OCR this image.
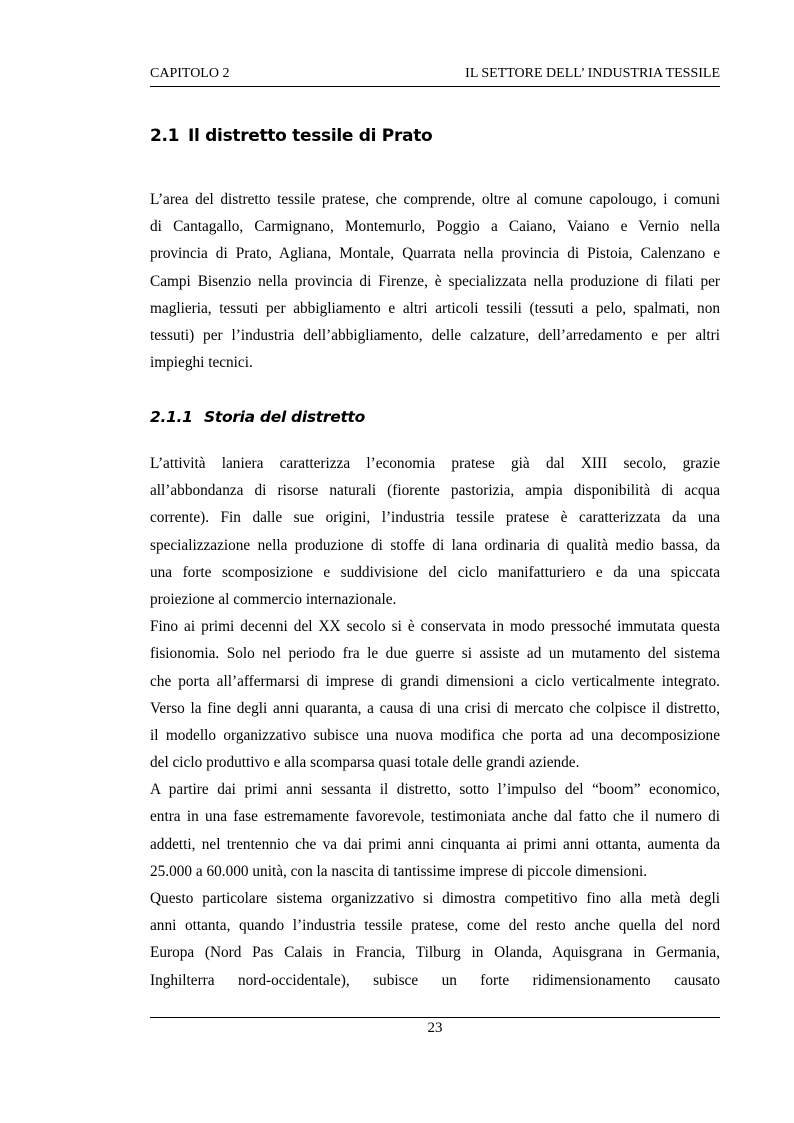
CAPITOLO 2	IL SETTORE DELL’ INDUSTRIA TESSILE
2.1 Il distretto tessile di Prato
L’area del distretto tessile pratese, che comprende, oltre al comune capolougo, i comuni
di Cantagallo, Carmignano, Montemurlo, Poggio a Caiano, Vaiano e Vernio nella
provincia di Prato, Agliana, Montale, Quarrata nella provincia di Pistoia, Calenzano e
Campi Bisenzio nella provincia di Firenze, è specializzata nella produzione di filati per
maglieria, tessuti per abbigliamento e altri articoli tessili (tessuti a pelo, spalmati, non
tessuti) per l’industria dell’abbigliamento, delle calzature, dell’arredamento e per altri
impieghi tecnici.
2.1.1 Storia del distretto
L’attività laniera caratterizza l’economia pratese già dal XIII secolo, grazie
all’abbondanza di risorse naturali (fiorente pastorizia, ampia disponibilità di acqua
corrente). Fin dalle sue origini, l’industria tessile pratese è caratterizzata da una
specializzazione nella produzione di stoffe di lana ordinaria di qualità medio bassa, da
una forte scomposizione e suddivisione del ciclo manifatturiero e da una spiccata
proiezione al commercio internazionale.
Fino ai primi decenni del XX secolo si è conservata in modo pressoché immutata questa
fisionomia. Solo nel periodo fra le due guerre si assiste ad un mutamento del sistema
che porta all’affermarsi di imprese di grandi dimensioni a ciclo verticalmente integrato.
Verso la fine degli anni quaranta, a causa di una crisi di mercato che colpisce il distretto,
il modello organizzativo subisce una nuova modifica che porta ad una decomposizione
del ciclo produttivo e alla scomparsa quasi totale delle grandi aziende.
A partire dai primi anni sessanta il distretto, sotto l’impulso del “boom” economico,
entra in una fase estremamente favorevole, testimoniata anche dal fatto che il numero di
addetti, nel trentennio che va dai primi anni cinquanta ai primi anni ottanta, aumenta da
25.000 a 60.000 unità, con la nascita di tantissime imprese di piccole dimensioni.
Questo particolare sistema organizzativo si dimostra competitivo fino alla metà degli
anni ottanta, quando l’industria tessile pratese, come del resto anche quella del nord
Europa (Nord Pas Calais in Francia, Tilburg in Olanda, Aquisgrana in Germania,
Inghilterra nord-occidentale), subisce un forte ridimensionamento causato
23
